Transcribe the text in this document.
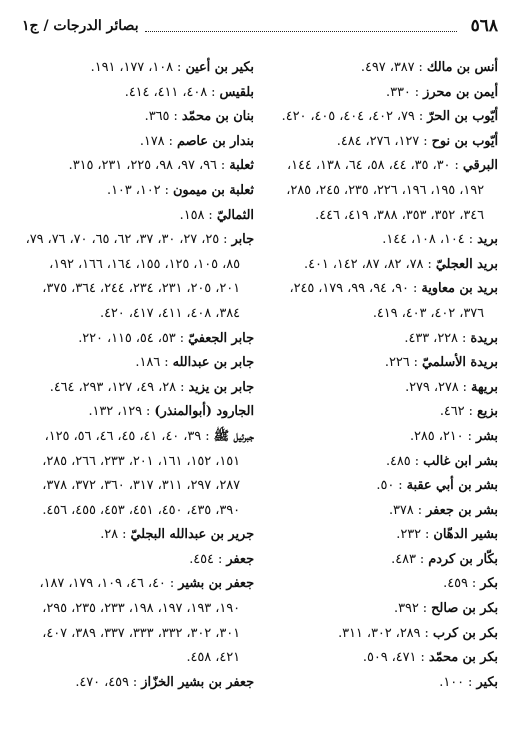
٥٦٨
بصائر الدرجات / ج١
أنس بن مالك : ٣٨٧، ٤٩٧.
أيمن بن محرز : ٣٣٠.
أيّوب بن الحرّ : ٧٩، ٤٠٢، ٤٠٤، ٤٠٥، ٤٢٠.
أيّوب بن نوح : ١٢٧، ٢٧٦، ٤٨٤.
البرقي : ٣٠، ٣٥، ٤٤، ٥٨، ٦٤، ١٣٨، ١٤٤،
١٩٢، ١٩٥، ١٩٦، ٢٢٦، ٢٣٥، ٢٤٥، ٢٨٥،
٣٤٦، ٣٥٢، ٣٥٣، ٣٨٨، ٤١٩، ٤٤٦.
بريد : ١٠٤، ١٠٨، ١٤٤.
بريد العجليّ : ٧٨، ٨٢، ٨٧، ١٤٢، ٤٠١.
بريد بن معاوية : ٩٠، ٩٤، ٩٩، ١٧٩، ٢٤٥،
٣٧٦، ٤٠٢، ٤٠٣، ٤١٩.
بريدة : ٢٢٨، ٤٣٣.
بريدة الأسلميّ : ٢٢٦.
بريهة : ٢٧٨، ٢٧٩.
بزيع : ٤٦٢.
بشر : ٢١٠، ٢٨٥.
بشر ابن غالب : ٤٨٥.
بشر بن أبي عقبة : ٥٠.
بشر بن جعفر : ٣٧٨.
بشير الدهّان : ٢٣٢.
بكّار بن كردم : ٤٨٣.
بكر : ٤٥٩.
بكر بن صالح : ٣٩٢.
بكر بن كرب : ٢٨٩، ٣٠٢، ٣١١.
بكر بن محمّد : ٤٧١، ٥٠٩.
بكير : ١٠٠.
بكير بن أعين : ١٠٨، ١٧٧، ١٩١.
بلقيس : ٤٠٨، ٤١١، ٤١٤.
بنان بن محمّد : ٣٦٥.
بندار بن عاصم : ١٧٨.
ثعلبة : ٩٦، ٩٧، ٩٨، ٢٢٥، ٢٣١، ٣١٥.
ثعلبة بن ميمون : ١٠٢، ١٠٣.
الثماليّ : ١٥٨.
جابر : ٢٥، ٢٧، ٣٠، ٣٧، ٦٢، ٦٥، ٧٠، ٧٦، ٧٩،
٨٥، ١٠٥، ١٢٥، ١٥٥، ١٦٤، ١٦٦، ١٩٢،
٢٠١، ٢٠٥، ٢٣١، ٢٣٤، ٢٤٤، ٣٦٤، ٣٧٥،
٣٨٤، ٤٠٨، ٤١١، ٤١٧، ٤٢٠.
جابر الجعفيّ : ٥٣، ٥٤، ١١٥، ٢٢٠.
جابر بن عبدالله : ١٨٦.
جابر بن يزيد : ٢٨، ٤٩، ١٢٧، ٢٩٣، ٤٦٤.
الجارود (أبوالمنذر) : ١٢٩، ١٣٢.
جبرئيل ﷺ : ٣٩، ٤٠، ٤١، ٤٥، ٤٦، ٥٦، ١٢٥،
١٥١، ١٥٢، ١٦١، ٢٠١، ٢٣٣، ٢٦٦، ٢٨٥،
٢٨٧، ٢٩٧، ٣١١، ٣١٧، ٣٦٠، ٣٧٢، ٣٧٨،
٣٩٠، ٤٣٥، ٤٥٠، ٤٥١، ٤٥٣، ٤٥٥، ٤٥٦.
جرير بن عبدالله البجليّ : ٢٨.
جعفر : ٤٥٤.
جعفر بن بشير : ٤٠، ٤٦، ١٠٩، ١٧٩، ١٨٧،
١٩٠، ١٩٣، ١٩٧، ١٩٨، ٢٣٣، ٢٣٥، ٢٩٥،
٣٠١، ٣٠٢، ٣٣٢، ٣٣٣، ٣٣٧، ٣٨٩، ٤٠٧،
٤٢١، ٤٥٨.
جعفر بن بشير الخزّاز : ٤٥٩، ٤٧٠.
